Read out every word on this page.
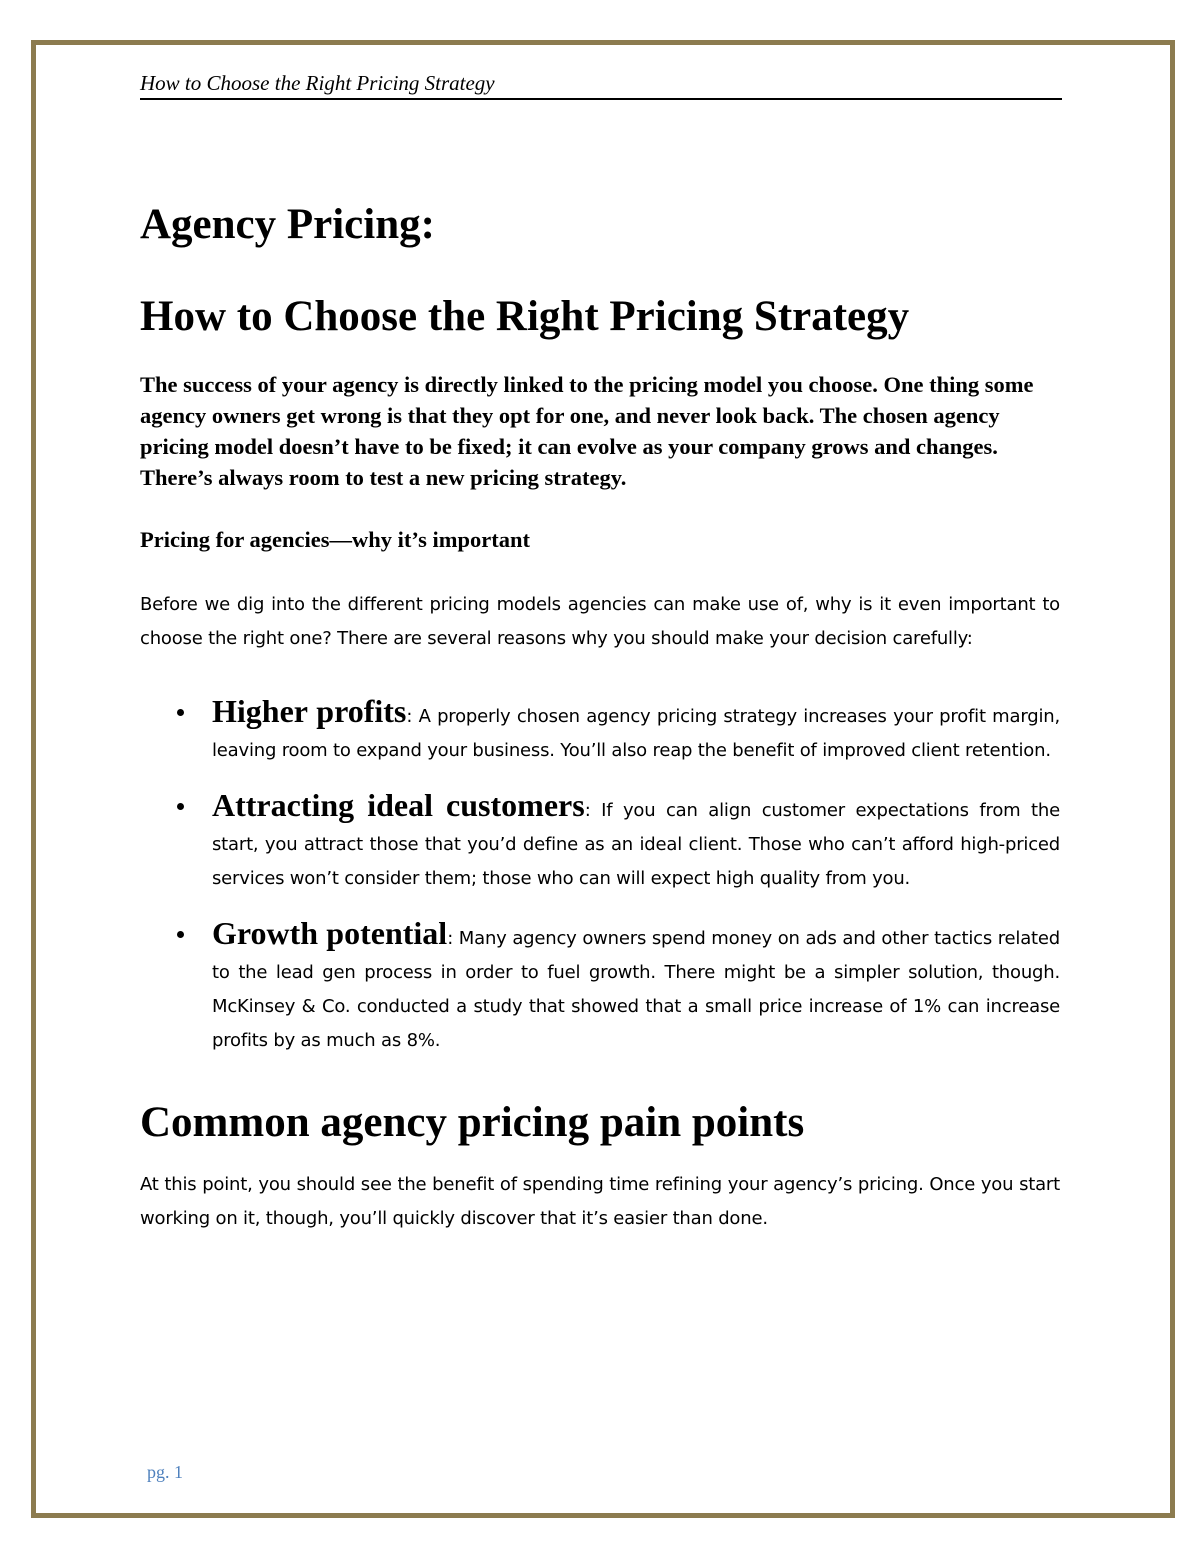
How to Choose the Right Pricing Strategy
Agency Pricing:
How to Choose the Right Pricing Strategy

The success of your agency is directly linked to the pricing model you choose. One thing some agency owners get wrong is that they opt for one, and never look back. The chosen agency pricing model doesn’t have to be fixed; it can evolve as your company grows and changes. There’s always room to test a new pricing strategy.

Pricing for agencies—why it’s important

Before we dig into the different pricing models agencies can make use of, why is it even important to choose the right one? There are several reasons why you should make your decision carefully:

Higher profits: A properly chosen agency pricing strategy increases your profit margin, leaving room to expand your business. You’ll also reap the benefit of improved client retention.
Attracting ideal customers: If you can align customer expectations from the start, you attract those that you’d define as an ideal client. Those who can’t afford high-priced services won’t consider them; those who can will expect high quality from you.
Growth potential: Many agency owners spend money on ads and other tactics related to the lead gen process in order to fuel growth. There might be a simpler solution, though. McKinsey & Co. conducted a study that showed that a small price increase of 1% can increase profits by as much as 8%.
Common agency pricing pain points

At this point, you should see the benefit of spending time refining your agency’s pricing. Once you start working on it, though, you’ll quickly discover that it’s easier than done.

pg. 1
